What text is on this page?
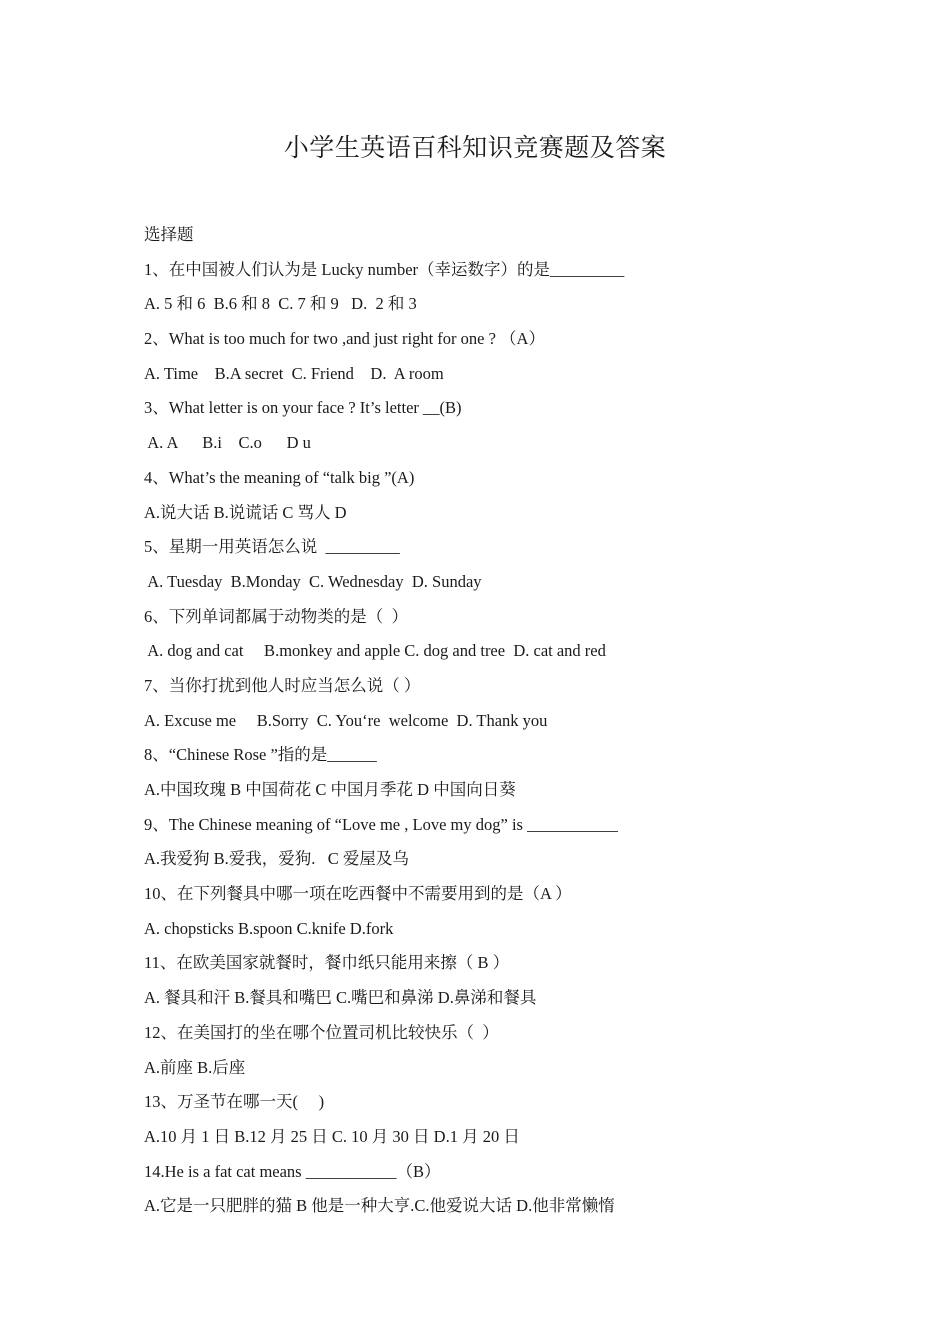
小学生英语百科知识竞赛题及答案
选择题
1、在中国被人们认为是 Lucky number（幸运数字）的是_________
A. 5 和 6  B.6 和 8  C. 7 和 9   D.  2 和 3
2、What is too much for two ,and just right for one ? （A）
A. Time    B.A secret  C. Friend    D.  A room
3、What letter is on your face ? It’s letter __(B)
A. A      B.i    C.o      D u
4、What’s the meaning of “talk big ”(A)
A.说大话 B.说谎话 C 骂人 D
5、星期一用英语怎么说  _________
A. Tuesday  B.Monday  C. Wednesday  D. Sunday
6、下列单词都属于动物类的是（  ）
A. dog and cat     B.monkey and apple C. dog and tree  D. cat and red
7、当你打扰到他人时应当怎么说（ ）
A. Excuse me     B.Sorry  C. You‘re  welcome  D. Thank you
8、“Chinese Rose ”指的是______
A.中国玫瑰 B 中国荷花 C 中国月季花 D 中国向日葵
9、The Chinese meaning of “Love me , Love my dog” is ___________
A.我爱狗 B.爱我，爱狗.   C 爱屋及乌
10、在下列餐具中哪一项在吃西餐中不需要用到的是（A ）
A. chopsticks B.spoon C.knife D.fork
11、在欧美国家就餐时，餐巾纸只能用来擦（ B ）
A. 餐具和汗 B.餐具和嘴巴 C.嘴巴和鼻涕 D.鼻涕和餐具
12、在美国打的坐在哪个位置司机比较快乐（  ）
A.前座 B.后座
13、万圣节在哪一天(     )
A.10 月 1 日 B.12 月 25 日 C. 10 月 30 日 D.1 月 20 日
14.He is a fat cat means ___________（B）
A.它是一只肥胖的猫 B 他是一种大亨.C.他爱说大话 D.他非常懒惰
